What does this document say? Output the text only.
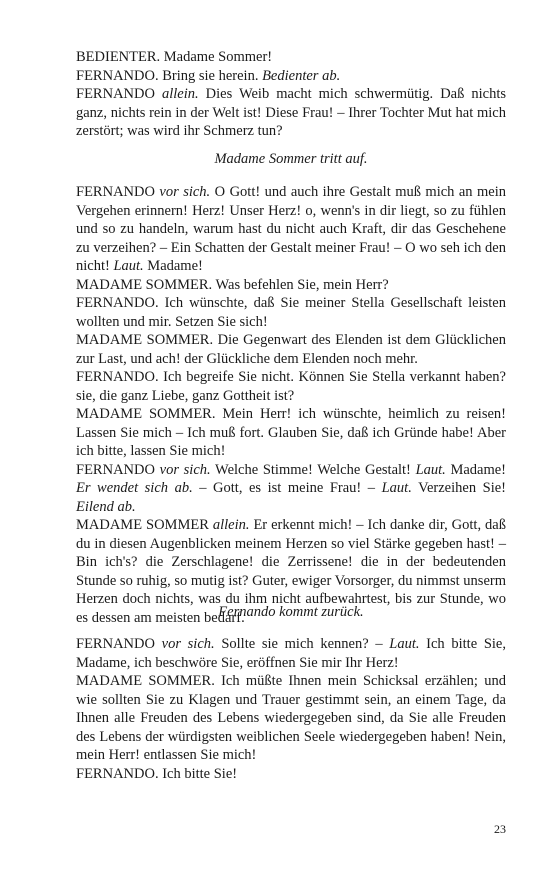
BEDIENTER. Madame Sommer!
FERNANDO. Bring sie herein. Bedienter ab.
FERNANDO allein. Dies Weib macht mich schwermütig. Daß nichts ganz, nichts rein in der Welt ist! Diese Frau! – Ihrer Tochter Mut hat mich zerstört; was wird ihr Schmerz tun?
Madame Sommer tritt auf.
FERNANDO vor sich. O Gott! und auch ihre Gestalt muß mich an mein Vergehen erinnern! Herz! Unser Herz! o, wenn's in dir liegt, so zu fühlen und so zu handeln, warum hast du nicht auch Kraft, dir das Geschehene zu verzeihen? – Ein Schatten der Gestalt meiner Frau! – O wo seh ich den nicht! Laut. Madame!
MADAME SOMMER. Was befehlen Sie, mein Herr?
FERNANDO. Ich wünschte, daß Sie meiner Stella Gesellschaft leisten wollten und mir. Setzen Sie sich!
MADAME SOMMER. Die Gegenwart des Elenden ist dem Glücklichen zur Last, und ach! der Glückliche dem Elenden noch mehr.
FERNANDO. Ich begreife Sie nicht. Können Sie Stella verkannt haben? sie, die ganz Liebe, ganz Gottheit ist?
MADAME SOMMER. Mein Herr! ich wünschte, heimlich zu reisen! Lassen Sie mich – Ich muß fort. Glauben Sie, daß ich Gründe habe! Aber ich bitte, lassen Sie mich!
FERNANDO vor sich. Welche Stimme! Welche Gestalt! Laut. Madame! Er wendet sich ab. – Gott, es ist meine Frau! – Laut. Verzeihen Sie! Eilend ab.
MADAME SOMMER allein. Er erkennt mich! – Ich danke dir, Gott, daß du in diesen Augenblicken meinem Herzen so viel Stärke gegeben hast! – Bin ich's? die Zerschlagene! die Zerrissene! die in der bedeutenden Stunde so ruhig, so mutig ist? Guter, ewiger Vorsorger, du nimmst unserm Herzen doch nichts, was du ihm nicht aufbewahrtest, bis zur Stunde, wo es dessen am meisten bedarf.
Fernando kommt zurück.
FERNANDO vor sich. Sollte sie mich kennen? – Laut. Ich bitte Sie, Madame, ich beschwöre Sie, eröffnen Sie mir Ihr Herz!
MADAME SOMMER. Ich müßte Ihnen mein Schicksal erzählen; und wie sollten Sie zu Klagen und Trauer gestimmt sein, an einem Tage, da Ihnen alle Freuden des Lebens wiedergegeben sind, da Sie alle Freuden des Lebens der würdigsten weiblichen Seele wiedergegeben haben! Nein, mein Herr! entlassen Sie mich!
FERNANDO. Ich bitte Sie!
23
